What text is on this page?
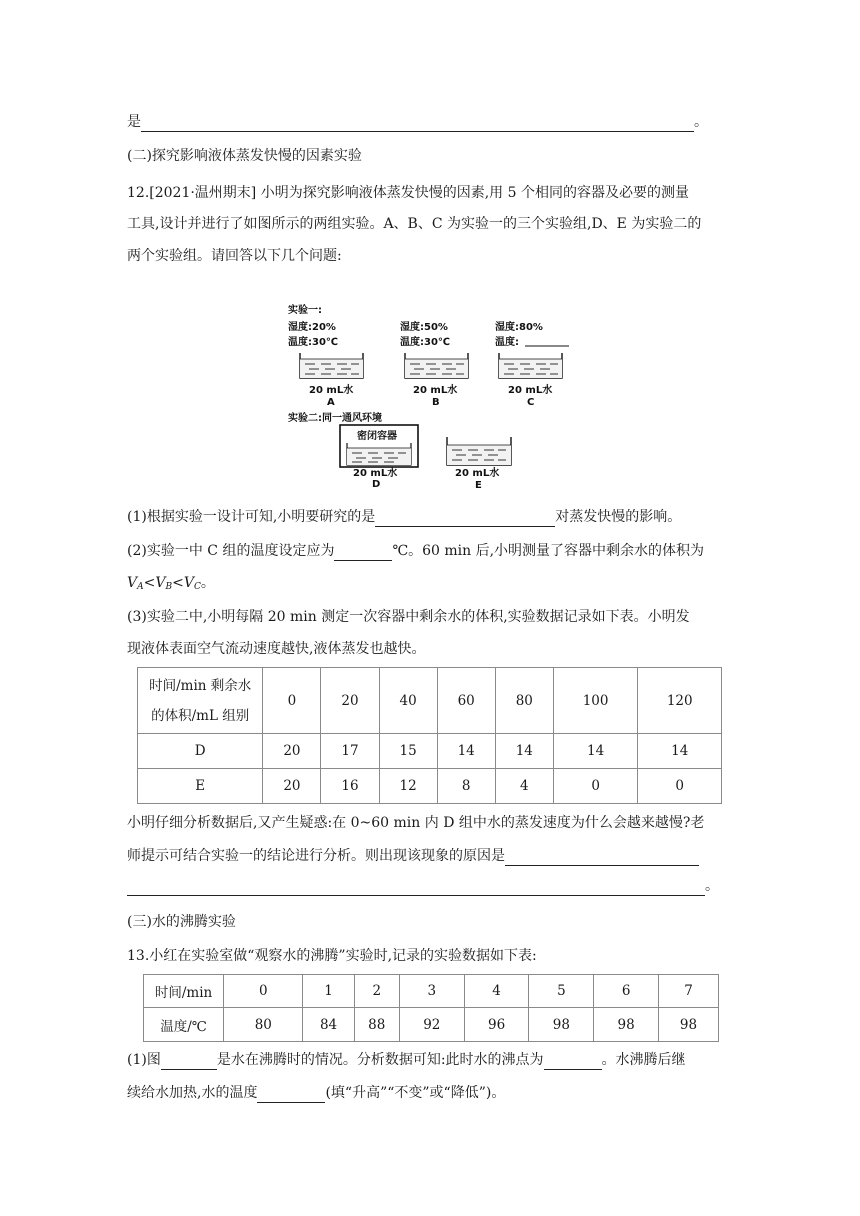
是	。
(二)探究影响液体蒸发快慢的因素实验
12.[2021·温州期末] 小明为探究影响液体蒸发快慢的因素,用 5 个相同的容器及必要的测量
工具,设计并进行了如图所示的两组实验。A、B、C 为实验一的三个实验组,D、E 为实验二的
两个实验组。请回答以下几个问题:
实验一:
湿度:20%
温度:30℃
20 mL水
A
湿度:50%
温度:30℃
20 mL水
B
湿度:80%
温度:
20 mL水
C
实验二:同一通风环境
密闭容器
20 mL水
D
20 mL水
E
(1)根据实验一设计可知,小明要研究的是	对蒸发快慢的影响。
(2)实验一中 C 组的温度设定应为	℃。60 min 后,小明测量了容器中剩余水的体积为
$V_A<V_B<V_C$。
(3)实验二中,小明每隔 20 min 测定一次容器中剩余水的体积,实验数据记录如下表。小明发
现液体表面空气流动速度越快,液体蒸发也越快。
时间/min 剩余水
的体积/mL 组别	0	20	40	60	80	100	120
D	20	17	15	14	14	14	14
E	20	16	12	8	4	0	0
小明仔细分析数据后,又产生疑惑:在 0~60 min 内 D 组中水的蒸发速度为什么会越来越慢?老
师提示可结合实验一的结论进行分析。则出现该现象的原因是
。
(三)水的沸腾实验
13.小红在实验室做“观察水的沸腾”实验时,记录的实验数据如下表:
时间/min	0	1	2	3	4	5	6	7
温度/℃	80	84	88	92	96	98	98	98
(1)图	是水在沸腾时的情况。分析数据可知:此时水的沸点为	。水沸腾后继
续给水加热,水的温度	(填“升高”“不变”或“降低”)。
